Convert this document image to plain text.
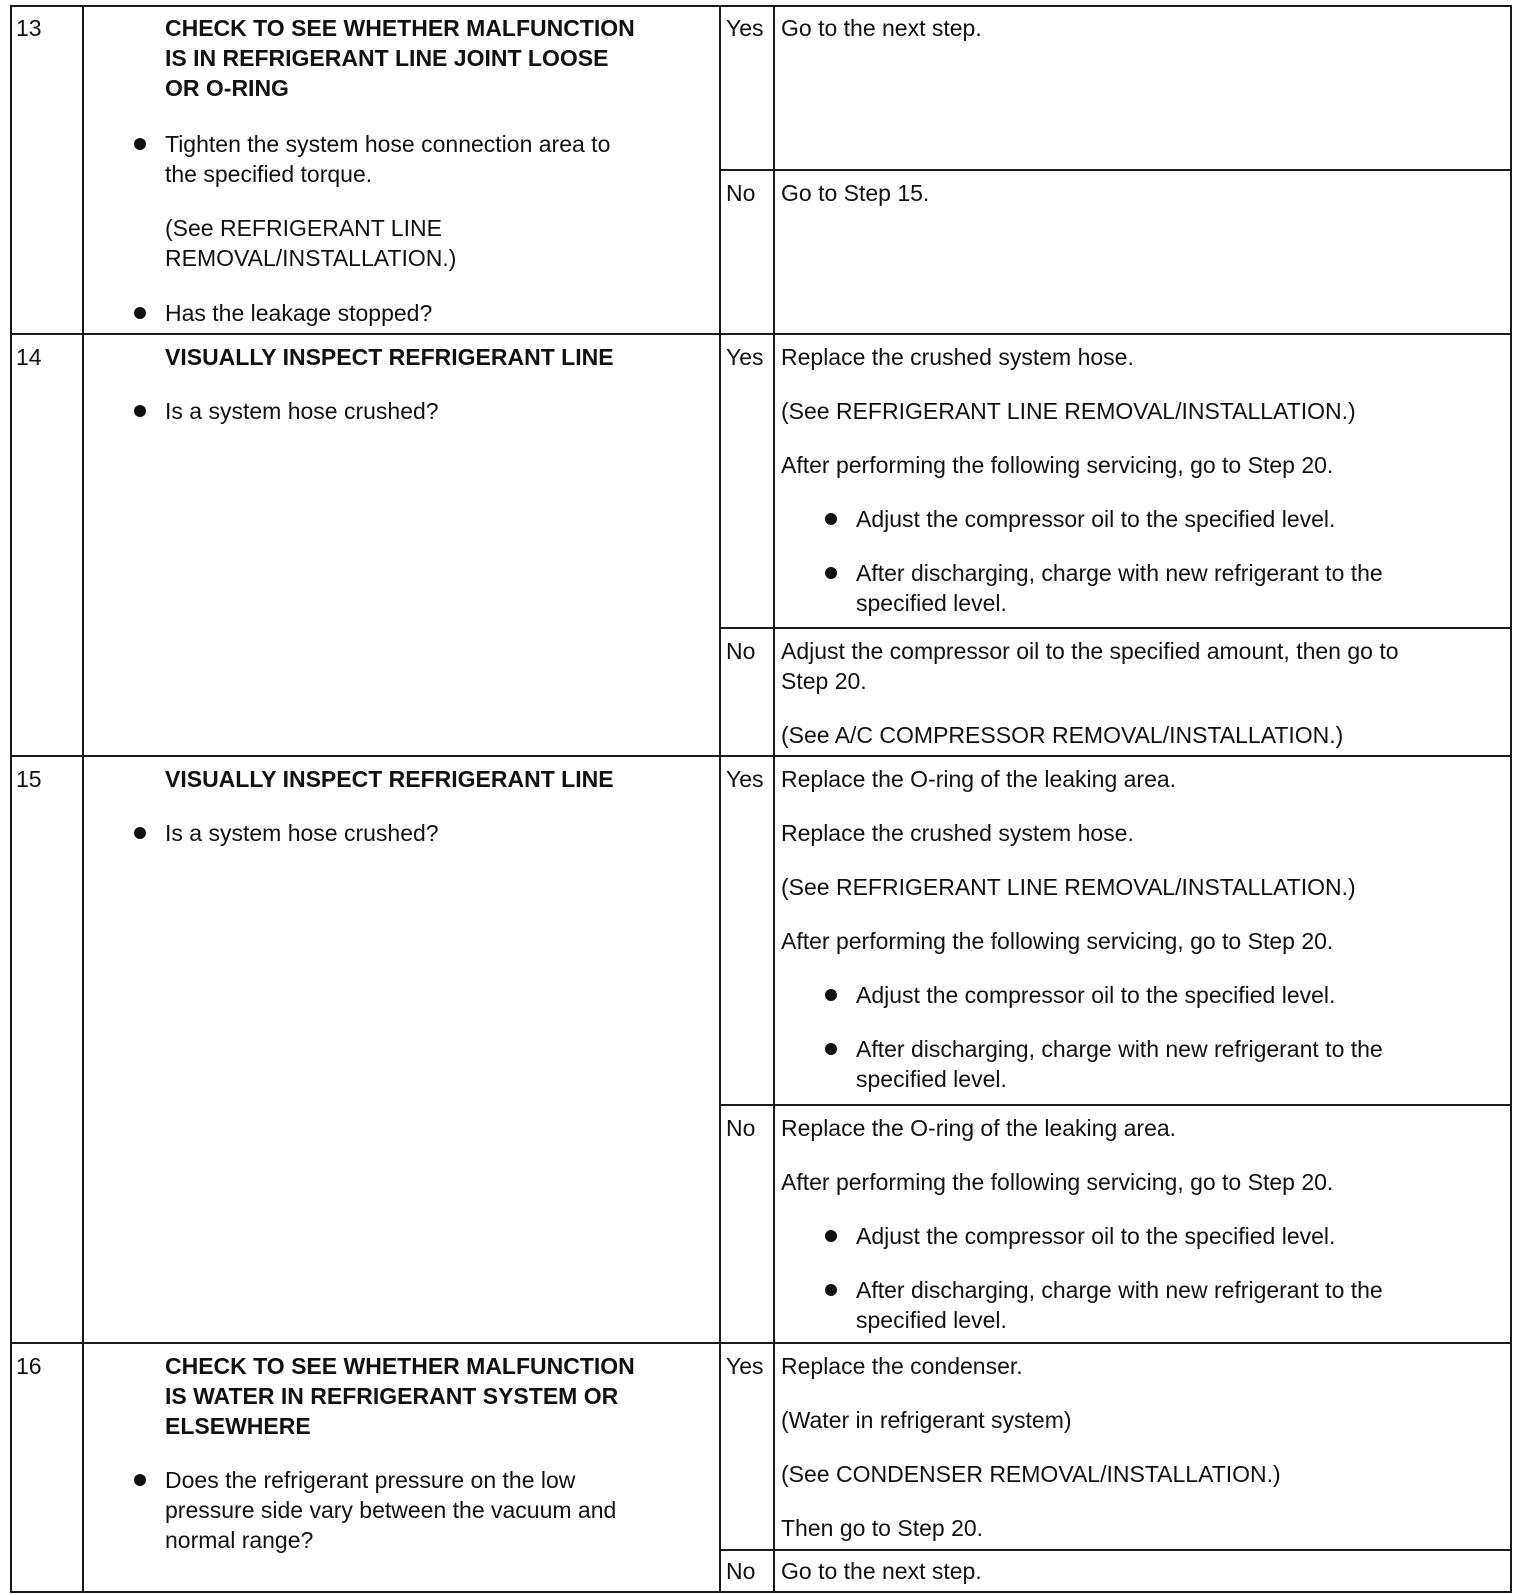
13	CHECK TO SEE WHETHER MALFUNCTION
IS IN REFRIGERANT LINE JOINT LOOSE
OR O-RING
Tighten the system hose connection area to
the specified torque.
(See REFRIGERANT LINE
REMOVAL/INSTALLATION.)
Has the leakage stopped?
Yes Go to the next step.
No Go to Step 15.
14	VISUALLY INSPECT REFRIGERANT LINE
Is a system hose crushed?
Yes Replace the crushed system hose.
(See REFRIGERANT LINE REMOVAL/INSTALLATION.)
After performing the following servicing, go to Step 20.
Adjust the compressor oil to the specified level.
After discharging, charge with new refrigerant to the
specified level.
No Adjust the compressor oil to the specified amount, then go to
Step 20.
(See A/C COMPRESSOR REMOVAL/INSTALLATION.)
15	VISUALLY INSPECT REFRIGERANT LINE
Is a system hose crushed?
Yes Replace the O-ring of the leaking area.
Replace the crushed system hose.
(See REFRIGERANT LINE REMOVAL/INSTALLATION.)
After performing the following servicing, go to Step 20.
Adjust the compressor oil to the specified level.
After discharging, charge with new refrigerant to the
specified level.
No Replace the O-ring of the leaking area.
After performing the following servicing, go to Step 20.
Adjust the compressor oil to the specified level.
After discharging, charge with new refrigerant to the
specified level.
16	CHECK TO SEE WHETHER MALFUNCTION
IS WATER IN REFRIGERANT SYSTEM OR
ELSEWHERE
Does the refrigerant pressure on the low
pressure side vary between the vacuum and
normal range?
Yes Replace the condenser.
(Water in refrigerant system)
(See CONDENSER REMOVAL/INSTALLATION.)
Then go to Step 20.
No Go to the next step.
